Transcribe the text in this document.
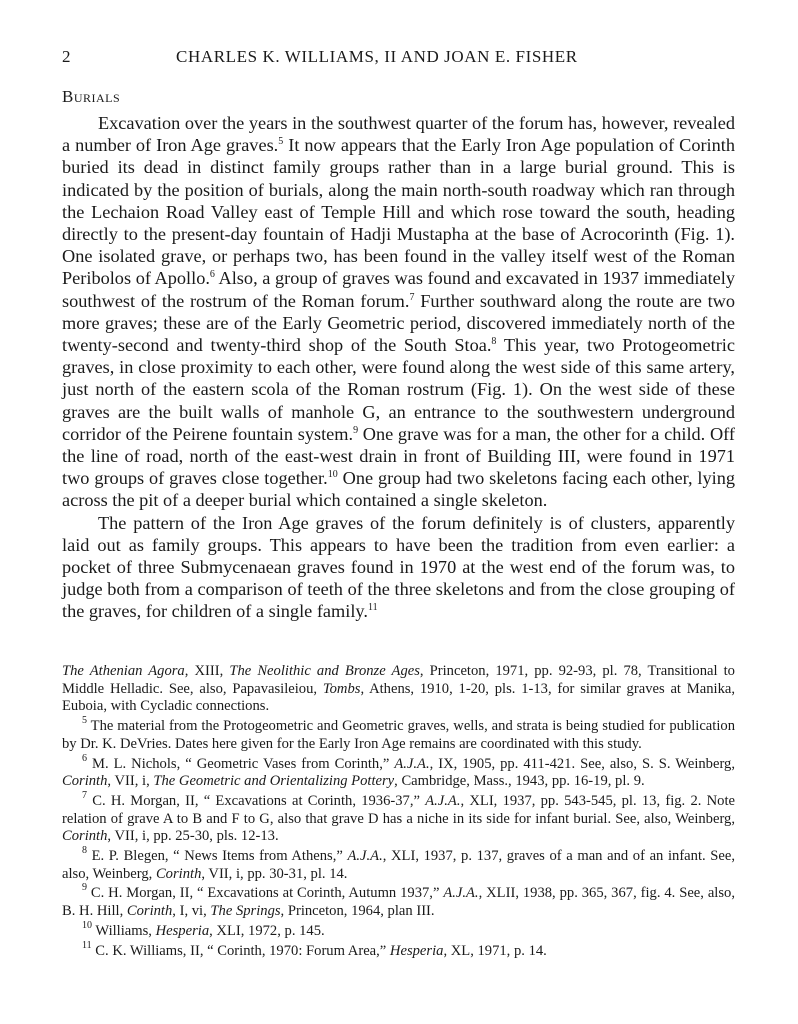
2	CHARLES K. WILLIAMS, II AND JOAN E. FISHER
Burials

Excavation over the years in the southwest quarter of the forum has, however, revealed a number of Iron Age graves.$^5$ It now appears that the Early Iron Age population of Corinth buried its dead in distinct family groups rather than in a large burial ground. This is indicated by the position of burials, along the main north-south roadway which ran through the Lechaion Road Valley east of Temple Hill and which rose toward the south, heading directly to the present-day fountain of Hadji Mustapha at the base of Acrocorinth (Fig. 1). One isolated grave, or perhaps two, has been found in the valley itself west of the Roman Peribolos of Apollo.$^6$ Also, a group of graves was found and excavated in 1937 immediately southwest of the rostrum of the Roman forum.$^7$ Further southward along the route are two more graves; these are of the Early Geometric period, discovered immediately north of the twenty-second and twenty-third shop of the South Stoa.$^8$ This year, two Protogeometric graves, in close proximity to each other, were found along the west side of this same artery, just north of the eastern scola of the Roman rostrum (Fig. 1). On the west side of these graves are the built walls of manhole G, an entrance to the southwestern underground corridor of the Peirene fountain system.$^9$ One grave was for a man, the other for a child. Off the line of road, north of the east-west drain in front of Building III, were found in 1971 two groups of graves close together.$^{10}$ One group had two skeletons facing each other, lying across the pit of a deeper burial which contained a single skeleton.

The pattern of the Iron Age graves of the forum definitely is of clusters, apparently laid out as family groups. This appears to have been the tradition from even earlier: a pocket of three Submycenaean graves found in 1970 at the west end of the forum was, to judge both from a comparison of teeth of the three skeletons and from the close grouping of the graves, for children of a single family.$^{11}$

The Athenian Agora, XIII, The Neolithic and Bronze Ages, Princeton, 1971, pp. 92-93, pl. 78, Transitional to Middle Helladic. See, also, Papavasileiou, Tombs, Athens, 1910, 1-20, pls. 1-13, for similar graves at Manika, Euboia, with Cycladic connections.

$^5$ The material from the Protogeometric and Geometric graves, wells, and strata is being studied for publication by Dr. K. DeVries. Dates here given for the Early Iron Age remains are coordinated with this study.

$^6$ M. L. Nichols, “ Geometric Vases from Corinth,” A.J.A., IX, 1905, pp. 411-421. See, also, S. S. Weinberg, Corinth, VII, i, The Geometric and Orientalizing Pottery, Cambridge, Mass., 1943, pp. 16-19, pl. 9.

$^7$ C. H. Morgan, II, “ Excavations at Corinth, 1936-37,” A.J.A., XLI, 1937, pp. 543-545, pl. 13, fig. 2. Note relation of grave A to B and F to G, also that grave D has a niche in its side for infant burial. See, also, Weinberg, Corinth, VII, i, pp. 25-30, pls. 12-13.

$^8$ E. P. Blegen, “ News Items from Athens,” A.J.A., XLI, 1937, p. 137, graves of a man and of an infant. See, also, Weinberg, Corinth, VII, i, pp. 30-31, pl. 14.

$^9$ C. H. Morgan, II, “ Excavations at Corinth, Autumn 1937,” A.J.A., XLII, 1938, pp. 365, 367, fig. 4. See, also, B. H. Hill, Corinth, I, vi, The Springs, Princeton, 1964, plan III.

$^{10}$ Williams, Hesperia, XLI, 1972, p. 145.

$^{11}$ C. K. Williams, II, “ Corinth, 1970: Forum Area,” Hesperia, XL, 1971, p. 14.
